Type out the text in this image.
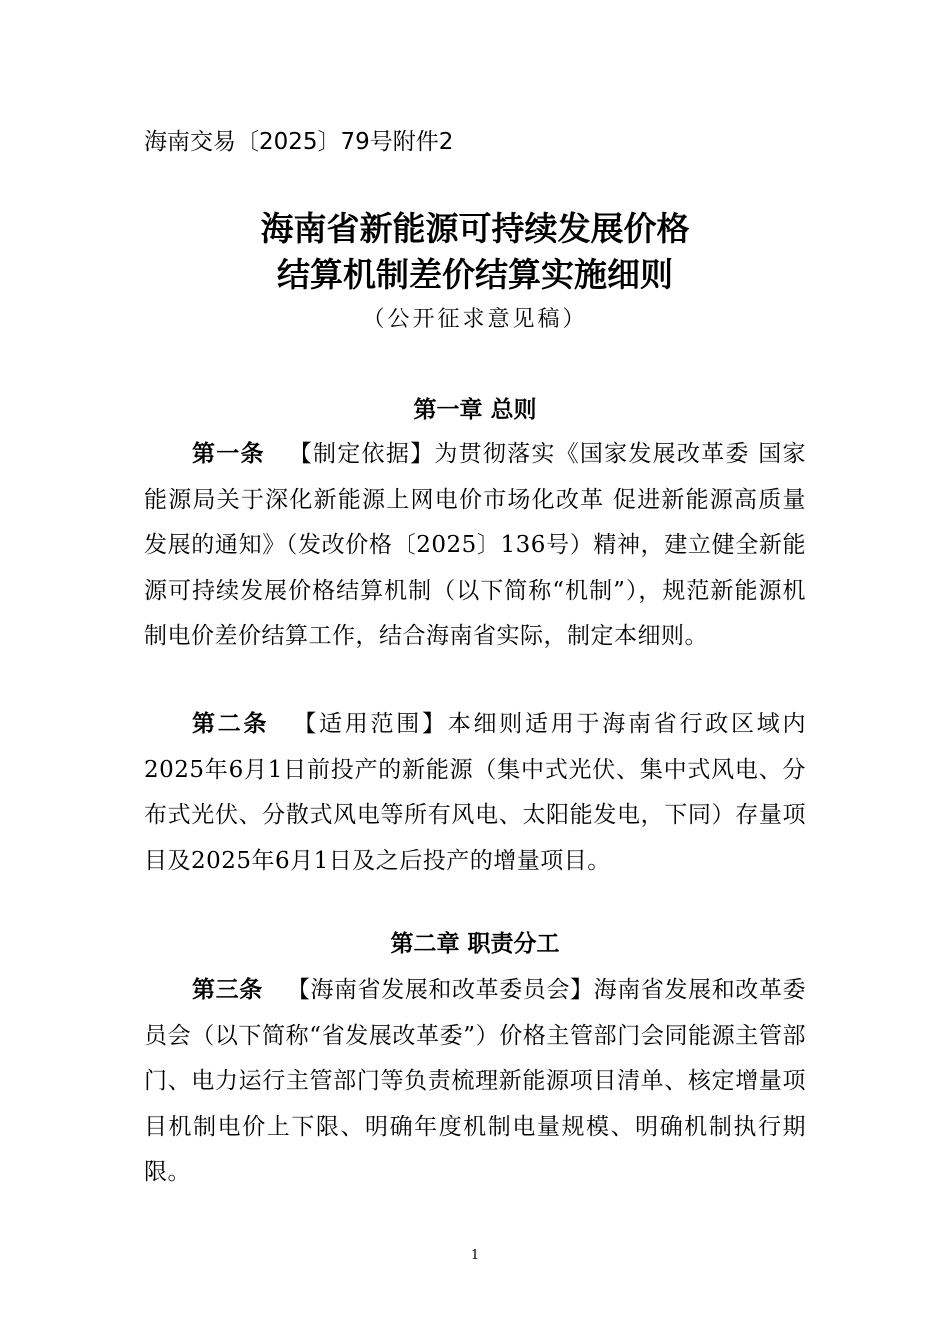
海南交易〔2025〕79号附件2
海南省新能源可持续发展价格
结算机制差价结算实施细则
（公开征求意见稿）
第一章 总则
第一条 【制定依据】为贯彻落实《国家发展改革委 国家能源局关于深化新能源上网电价市场化改革 促进新能源高质量发展的通知》（发改价格〔2025〕136号）精神，建立健全新能源可持续发展价格结算机制（以下简称“机制”），规范新能源机制电价差价结算工作，结合海南省实际，制定本细则。
第二条 【适用范围】本细则适用于海南省行政区域内2025年6月1日前投产的新能源（集中式光伏、集中式风电、分布式光伏、分散式风电等所有风电、太阳能发电，下同）存量项目及2025年6月1日及之后投产的增量项目。
第二章 职责分工
第三条 【海南省发展和改革委员会】海南省发展和改革委员会（以下简称“省发展改革委”）价格主管部门会同能源主管部门、电力运行主管部门等负责梳理新能源项目清单、核定增量项目机制电价上下限、明确年度机制电量规模、明确机制执行期限。
1
